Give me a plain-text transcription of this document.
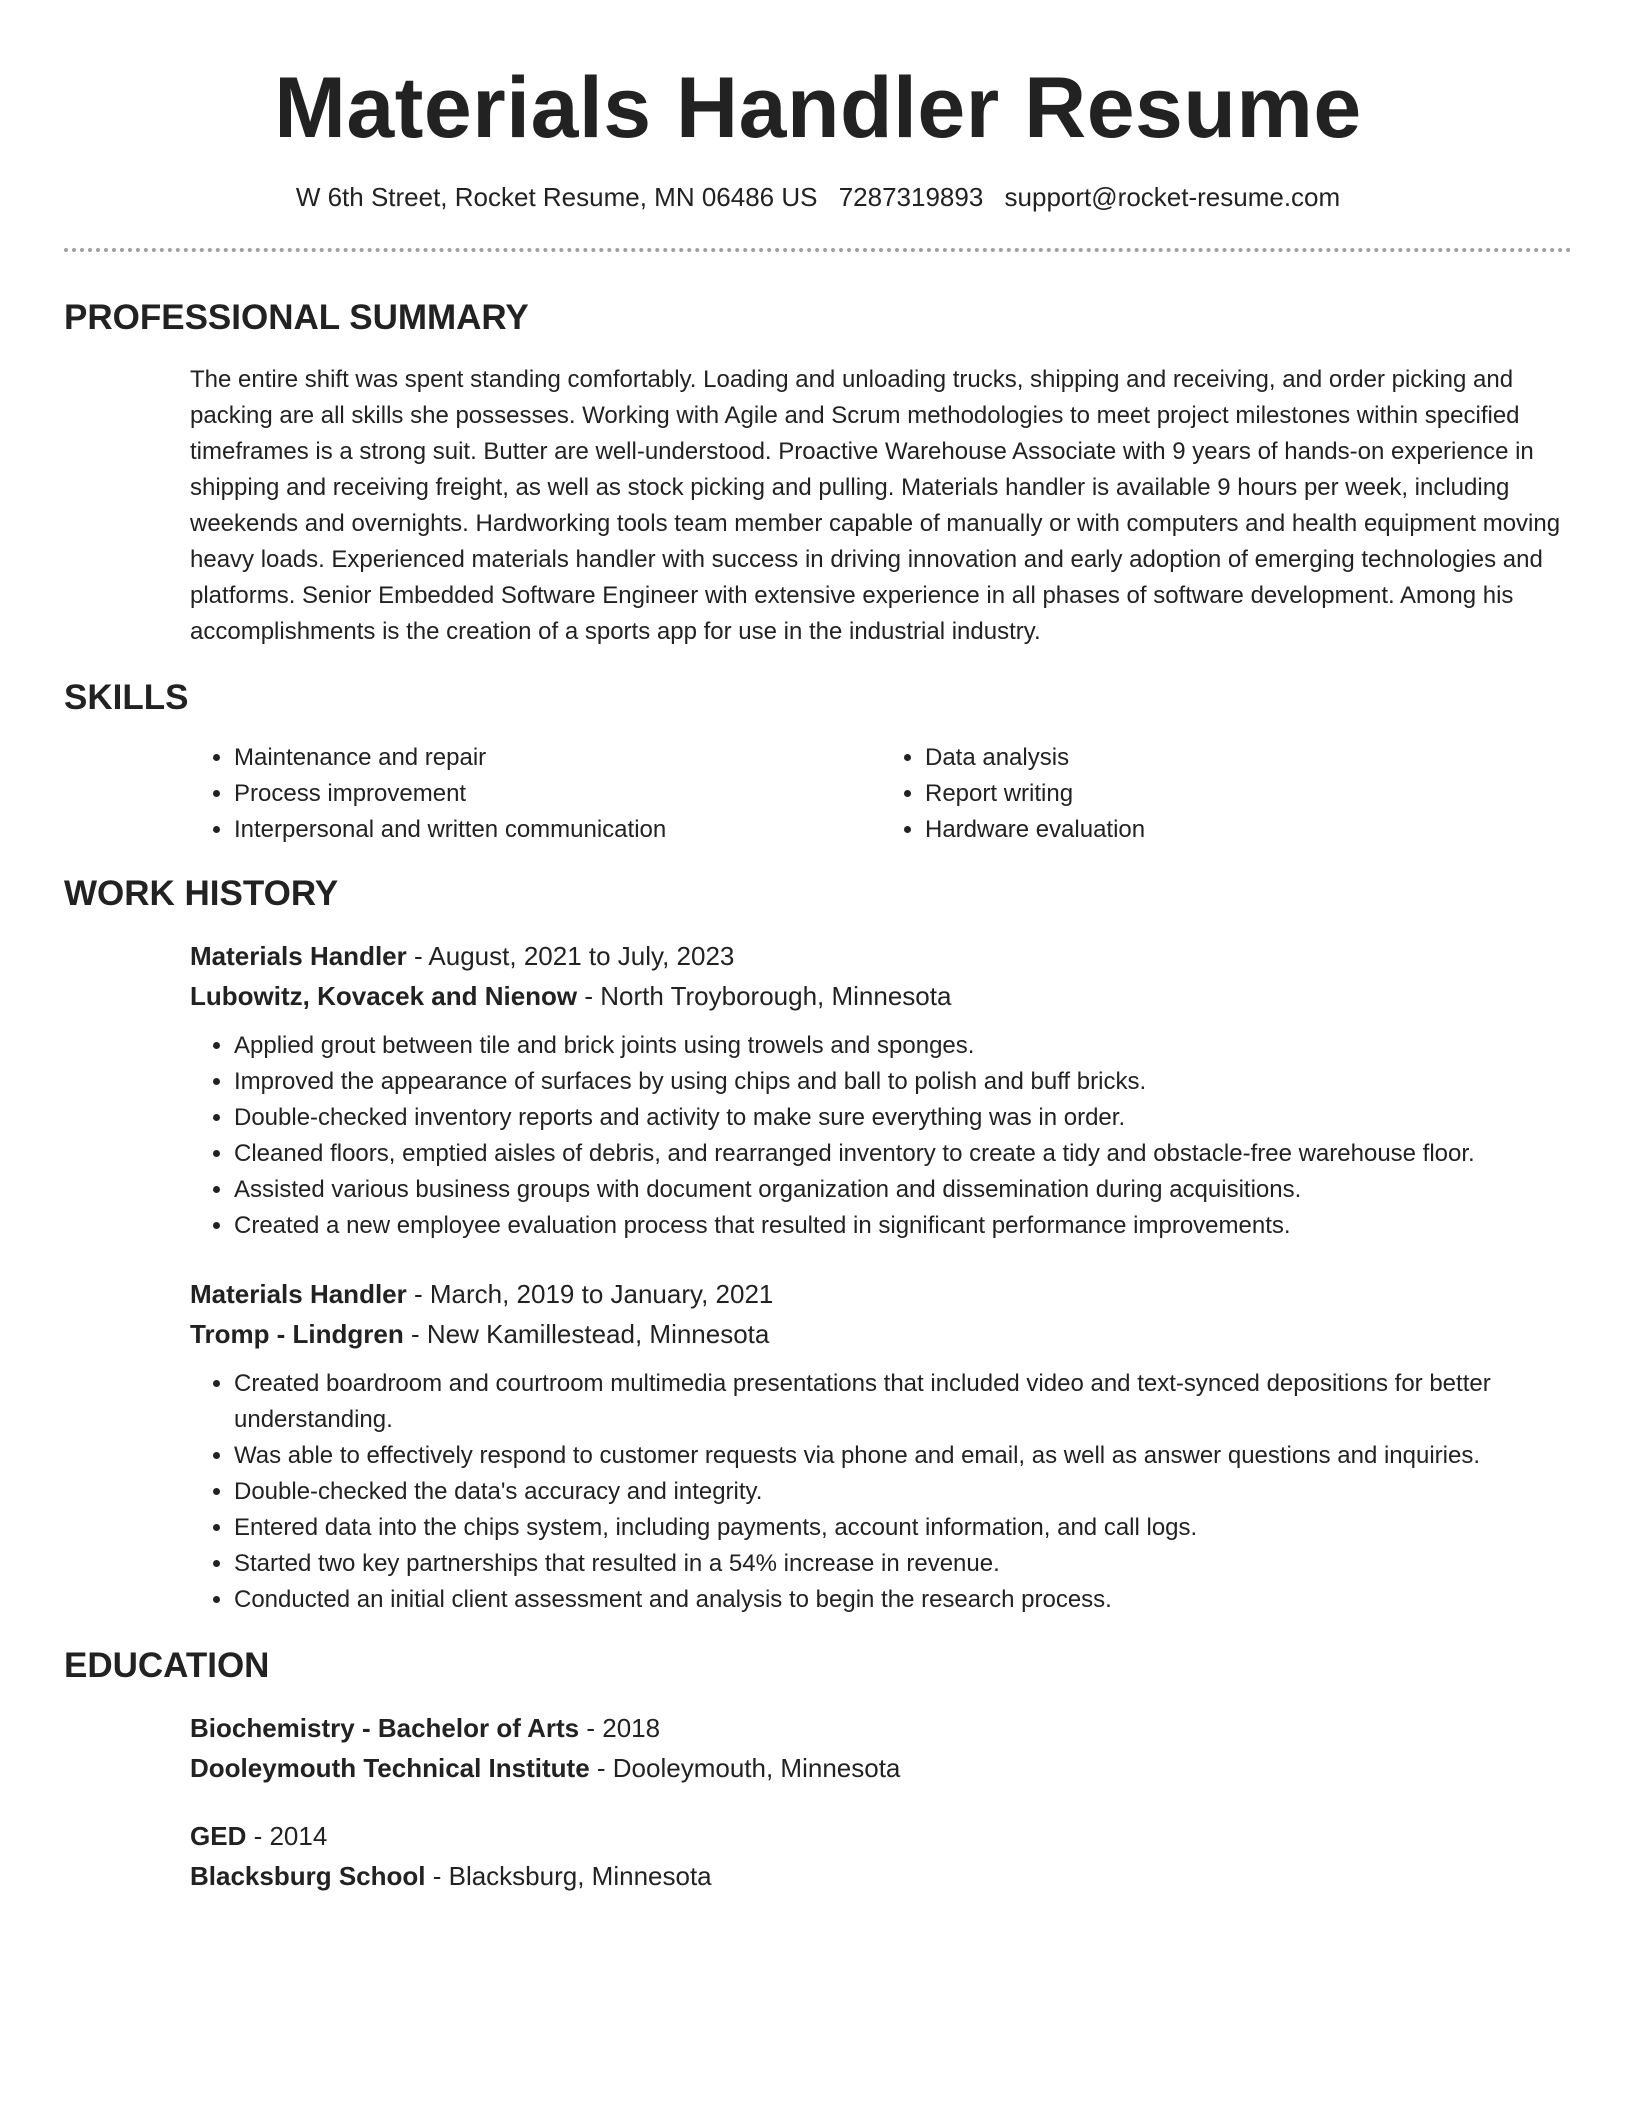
Materials Handler Resume
W 6th Street, Rocket Resume, MN 06486 US 7287319893 support@rocket-resume.com
PROFESSIONAL SUMMARY

The entire shift was spent standing comfortably. Loading and unloading trucks, shipping and receiving, and order picking and packing are all skills she possesses. Working with Agile and Scrum methodologies to meet project milestones within specified timeframes is a strong suit. Butter are well-understood. Proactive Warehouse Associate with 9 years of hands-on experience in shipping and receiving freight, as well as stock picking and pulling. Materials handler is available 9 hours per week, including weekends and overnights. Hardworking tools team member capable of manually or with computers and health equipment moving heavy loads. Experienced materials handler with success in driving innovation and early adoption of emerging technologies and platforms. Senior Embedded Software Engineer with extensive experience in all phases of software development. Among his accomplishments is the creation of a sports app for use in the industrial industry.

SKILLS
• Maintenance and repair
• Process improvement
• Interpersonal and written communication
• Data analysis
• Report writing
• Hardware evaluation
WORK HISTORY
Materials Handler - August, 2021 to July, 2023
Lubowitz, Kovacek and Nienow - North Troyborough, Minnesota
• Applied grout between tile and brick joints using trowels and sponges.
• Improved the appearance of surfaces by using chips and ball to polish and buff bricks.
• Double-checked inventory reports and activity to make sure everything was in order.
• Cleaned floors, emptied aisles of debris, and rearranged inventory to create a tidy and obstacle-free warehouse floor.
• Assisted various business groups with document organization and dissemination during acquisitions.
• Created a new employee evaluation process that resulted in significant performance improvements.
Materials Handler - March, 2019 to January, 2021
Tromp - Lindgren - New Kamillestead, Minnesota
• Created boardroom and courtroom multimedia presentations that included video and text-synced depositions for better understanding.
• Was able to effectively respond to customer requests via phone and email, as well as answer questions and inquiries.
• Double-checked the data's accuracy and integrity.
• Entered data into the chips system, including payments, account information, and call logs.
• Started two key partnerships that resulted in a 54% increase in revenue.
• Conducted an initial client assessment and analysis to begin the research process.
EDUCATION
Biochemistry - Bachelor of Arts - 2018
Dooleymouth Technical Institute - Dooleymouth, Minnesota
GED - 2014
Blacksburg School - Blacksburg, Minnesota
